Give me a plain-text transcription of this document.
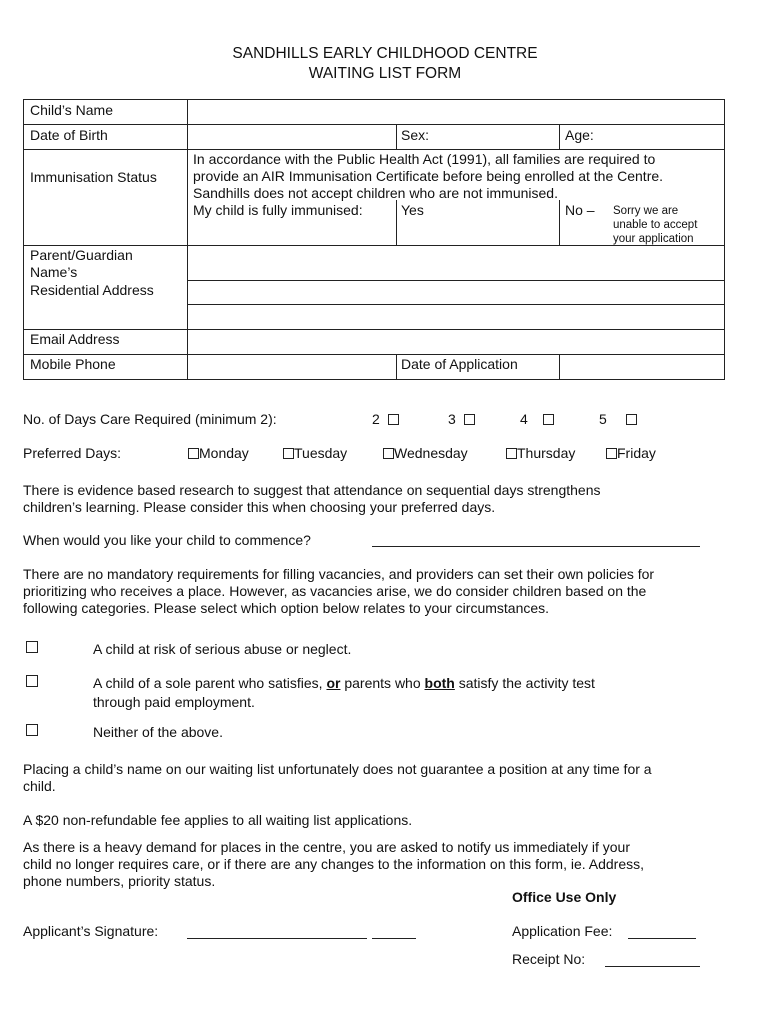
SANDHILLS EARLY CHILDHOOD CENTRE
WAITING LIST FORM
Child’s Name
Date of Birth	Sex:	Age:
Immunisation Status
In accordance with the Public Health Act (1991), all families are required to
provide an AIR Immunisation Certificate before being enrolled at the Centre.
Sandhills does not accept children who are not immunised.
My child is fully immunised:	Yes	No – Sorry we are
unable to accept
your application
Parent/Guardian
Name’s
Residential Address
Email Address
Mobile Phone	Date of Application
No. of Days Care Required (minimum 2):	2	3	4	5
Preferred Days:	Monday	Tuesday	Wednesday	Thursday	Friday
There is evidence based research to suggest that attendance on sequential days strengthens
children’s learning. Please consider this when choosing your preferred days.
When would you like your child to commence?
There are no mandatory requirements for filling vacancies, and providers can set their own policies for
prioritizing who receives a place. However, as vacancies arise, we do consider children based on the
following categories. Please select which option below relates to your circumstances.
A child at risk of serious abuse or neglect.
A child of a sole parent who satisfies, or parents who both satisfy the activity test
through paid employment.
Neither of the above.
Placing a child’s name on our waiting list unfortunately does not guarantee a position at any time for a
child.
A $20 non-refundable fee applies to all waiting list applications.
As there is a heavy demand for places in the centre, you are asked to notify us immediately if your
child no longer requires care, or if there are any changes to the information on this form, ie. Address,
phone numbers, priority status.
Office Use Only
Applicant’s Signature:	Application Fee:
Receipt No:
